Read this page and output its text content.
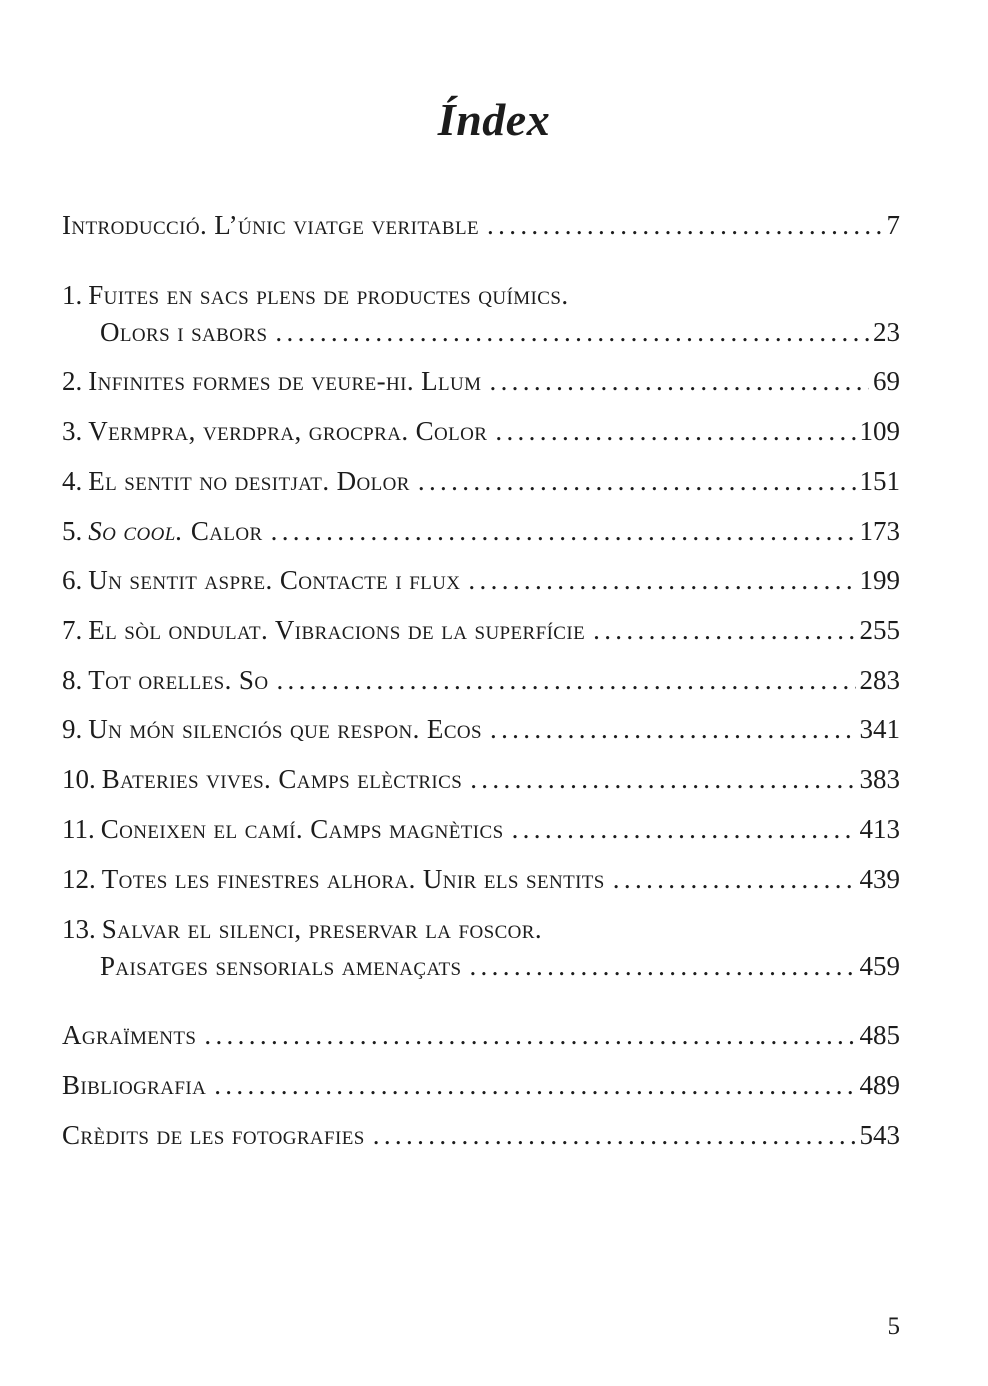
Índex
Introducció. L’únic viatge veritable . . .	7
1. Fuites en sacs plens de productes químics.
Olors i sabors . . .	23
2. Infinites formes de veure-hi. Llum . . .	69
3. Vermpra, verdpra, grocpra. Color . . .	109
4. El sentit no desitjat. Dolor . . .	151
5. So cool. Calor . . .	173
6. Un sentit aspre. Contacte i flux . . .	199
7. El sòl ondulat. Vibracions de la superfície . . .	255
8. Tot orelles. So . . .	283
9. Un món silenciós que respon. Ecos . . .	341
10. Bateries vives. Camps elèctrics . . .	383
11. Coneixen el camí. Camps magnètics . . .	413
12. Totes les finestres alhora. Unir els sentits . . .	439
13. Salvar el silenci, preservar la foscor.
Paisatges sensorials amenaçats . . .	459
Agraïments . . .	485
Bibliografia . . .	489
Crèdits de les fotografies . . .	543
5
